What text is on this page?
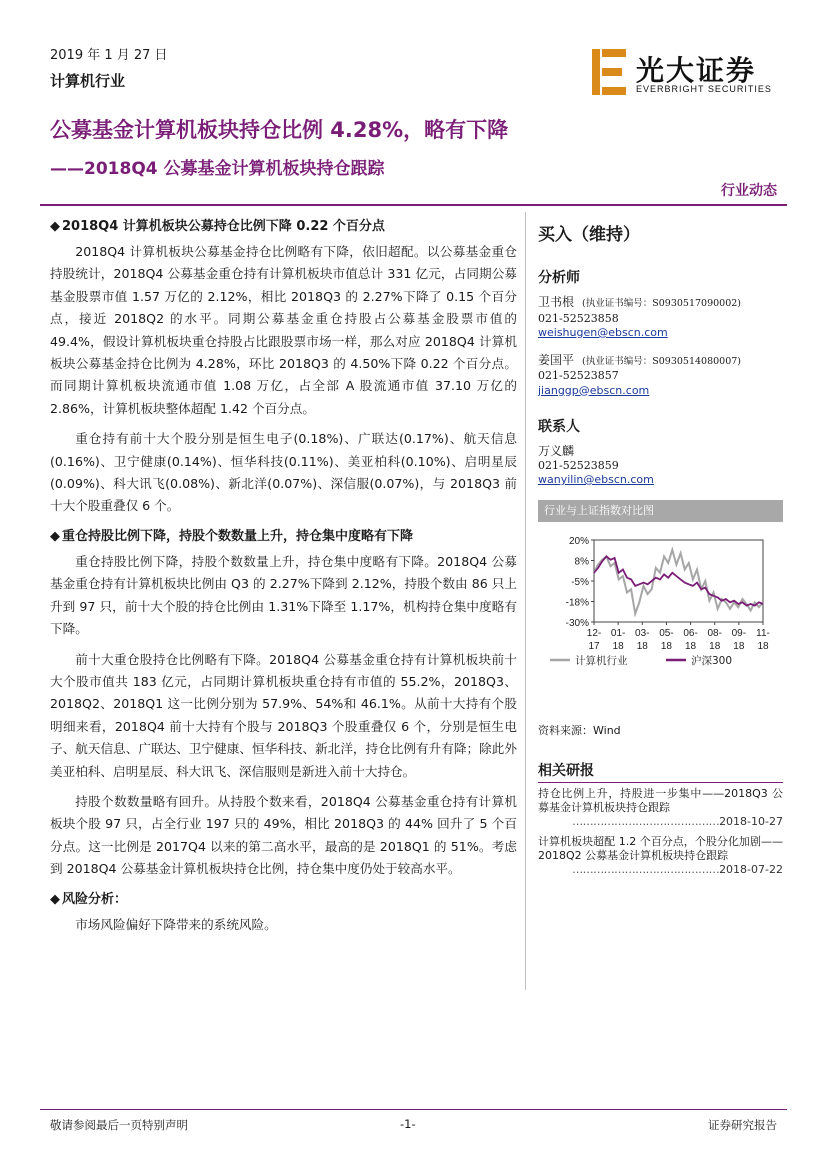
2019 年 1 月 27 日
计算机行业	光大证券
EVERBRIGHT SECURITIES
公募基金计算机板块持仓比例 4.28%，略有下降
——2018Q4 公募基金计算机板块持仓跟踪
行业动态
◆ 2018Q4 计算机板块公募持仓比例下降 0.22 个百分点

2018Q4 计算机板块公募基金持仓比例略有下降，依旧超配。以公募基金重仓持股统计，2018Q4 公募基金重仓持有计算机板块市值总计 331 亿元，占同期公募基金股票市值 1.57 万亿的 2.12%，相比 2018Q3 的 2.27%下降了 0.15 个百分点，接近 2018Q2 的水平。同期公募基金重仓持股占公募基金股票市值的 49.4%，假设计算机板块重仓持股占比跟股票市场一样，那么对应 2018Q4 计算机板块公募基金持仓比例为 4.28%，环比 2018Q3 的 4.50%下降 0.22 个百分点。而同期计算机板块流通市值 1.08 万亿，占全部 A 股流通市值 37.10 万亿的 2.86%，计算机板块整体超配 1.42 个百分点。

重仓持有前十大个股分别是恒生电子(0.18%)、广联达(0.17%)、航天信息(0.16%)、卫宁健康(0.14%)、恒华科技(0.11%)、美亚柏科(0.10%)、启明星辰(0.09%)、科大讯飞(0.08%)、新北洋(0.07%)、深信服(0.07%)，与 2018Q3 前十大个股重叠仅 6 个。

◆ 重仓持股比例下降，持股个数数量上升，持仓集中度略有下降

重仓持股比例下降，持股个数数量上升，持仓集中度略有下降。2018Q4 公募基金重仓持有计算机板块比例由 Q3 的 2.27%下降到 2.12%，持股个数由 86 只上升到 97 只，前十大个股的持仓比例由 1.31%下降至 1.17%，机构持仓集中度略有下降。

前十大重仓股持仓比例略有下降。2018Q4 公募基金重仓持有计算机板块前十大个股市值共 183 亿元，占同期计算机板块重仓持有市值的 55.2%，2018Q3、2018Q2、2018Q1 这一比例分别为 57.9%、54%和 46.1%。从前十大持有个股明细来看，2018Q4 前十大持有个股与 2018Q3 个股重叠仅 6 个，分别是恒生电子、航天信息、广联达、卫宁健康、恒华科技、新北洋，持仓比例有升有降；除此外美亚柏科、启明星辰、科大讯飞、深信服则是新进入前十大持仓。

持股个数数量略有回升。从持股个数来看，2018Q4 公募基金重仓持有计算机板块个股 97 只，占全行业 197 只的 49%，相比 2018Q3 的 44% 回升了 5 个百分点。这一比例是 2017Q4 以来的第二高水平，最高的是 2018Q1 的 51%。考虑到 2018Q4 公募基金计算机板块持仓比例，持仓集中度仍处于较高水平。

◆ 风险分析：

市场风险偏好下降带来的系统风险。

买入（维持）
分析师
卫书根 (执业证书编号：S0930517090002)
021-52523858
weishugen@ebscn.com
姜国平 (执业证书编号：S0930514080007)
021-52523857
jianggp@ebscn.com
联系人
万义麟
021-52523859
wanyilin@ebscn.com
行业与上证指数对比图
20%
8%
-5%
-18%
-30%
12-
17
01-
18
03-
18
05-
18
06-
18
08-
18
09-
18
11-
18
计算机行业	沪深300
资料来源：Wind
相关研报
持仓比例上升，持股进一步集中——2018Q3 公募基金计算机板块持仓跟踪
……………………………………2018-10-27
计算机板块超配 1.2 个百分点，个股分化加剧——2018Q2 公募基金计算机板块持仓跟踪
……………………………………2018-07-22
敬请参阅最后一页特别声明	-1-	证券研究报告
